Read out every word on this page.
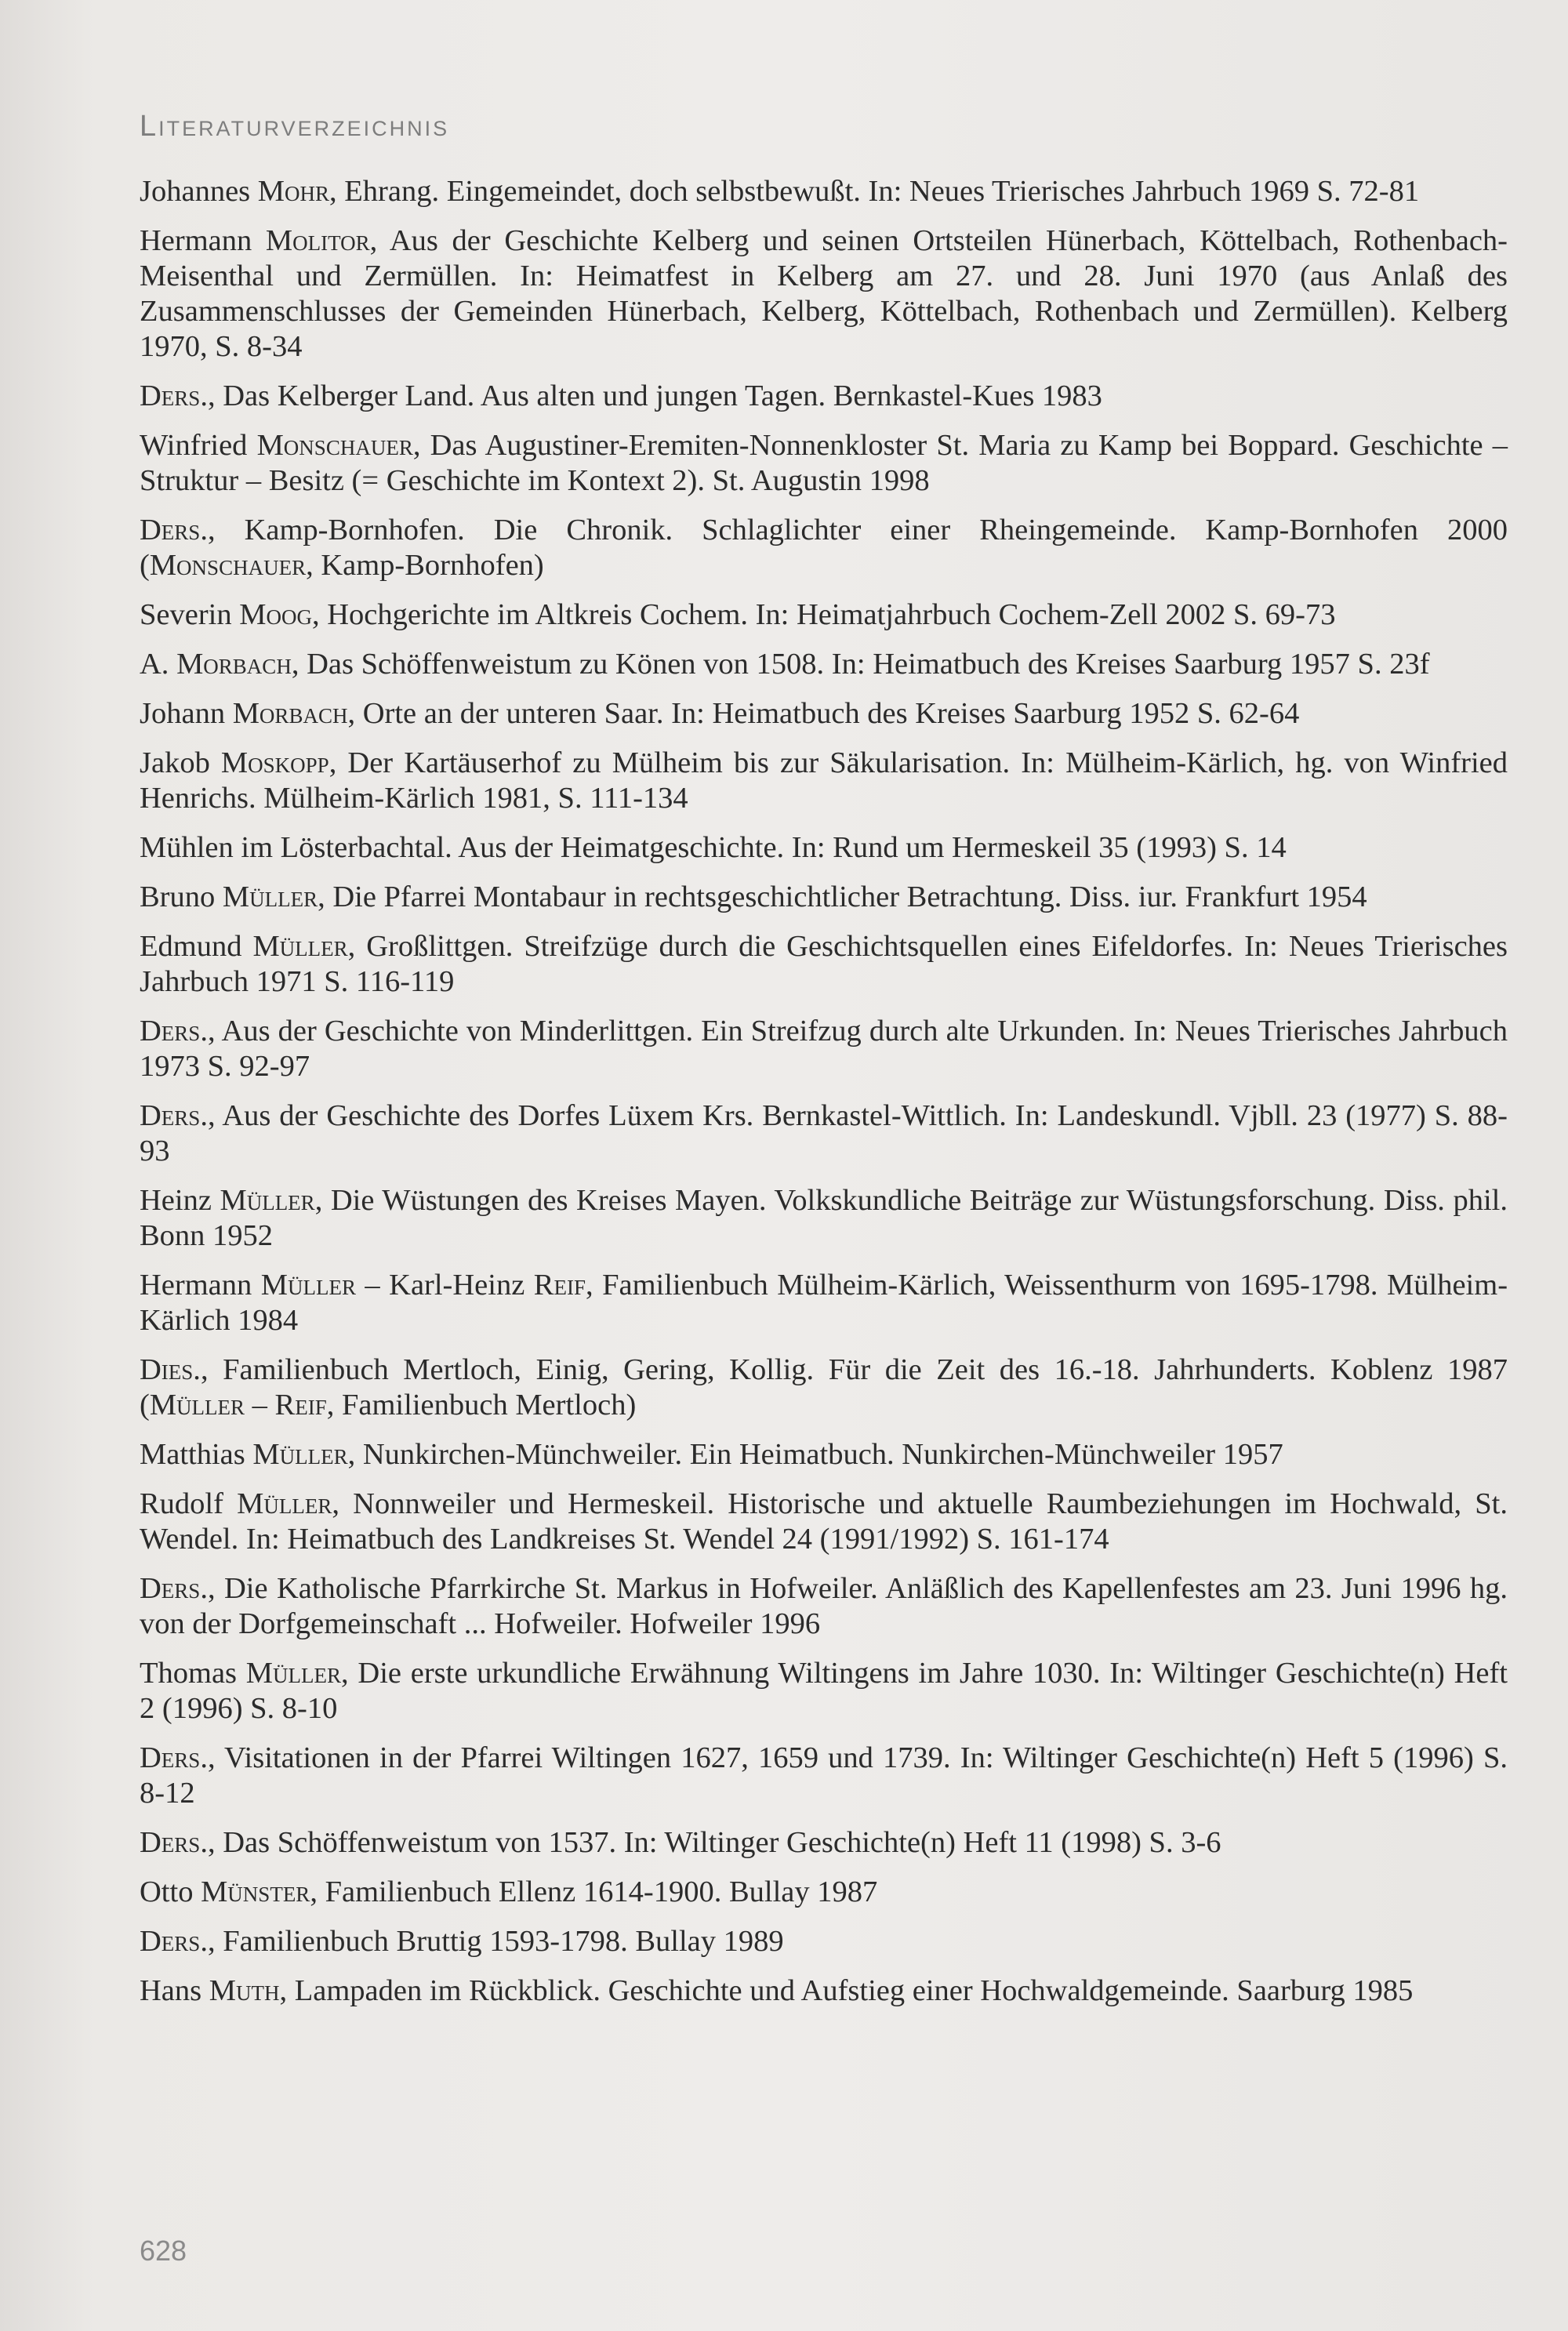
Literaturverzeichnis

Johannes Mohr, Ehrang. Eingemeindet, doch selbstbewußt. In: Neues Trierisches Jahrbuch 1969 S. 72-81

Hermann Molitor, Aus der Geschichte Kelberg und seinen Ortsteilen Hünerbach, Köttelbach, Rothenbach-Meisenthal und Zermüllen. In: Heimatfest in Kelberg am 27. und 28. Juni 1970 (aus Anlaß des Zusammenschlusses der Gemeinden Hünerbach, Kelberg, Köttelbach, Rothenbach und Zermüllen). Kelberg 1970, S. 8-34

Ders., Das Kelberger Land. Aus alten und jungen Tagen. Bernkastel-Kues 1983

Winfried Monschauer, Das Augustiner-Eremiten-Nonnenkloster St. Maria zu Kamp bei Boppard. Geschichte – Struktur – Besitz (= Geschichte im Kontext 2). St. Augustin 1998

Ders., Kamp-Bornhofen. Die Chronik. Schlaglichter einer Rheingemeinde. Kamp-Bornhofen 2000 (Monschauer, Kamp-Bornhofen)

Severin Moog, Hochgerichte im Altkreis Cochem. In: Heimatjahrbuch Cochem-Zell 2002 S. 69-73

A. Morbach, Das Schöffenweistum zu Könen von 1508. In: Heimatbuch des Kreises Saarburg 1957 S. 23f

Johann Morbach, Orte an der unteren Saar. In: Heimatbuch des Kreises Saarburg 1952 S. 62-64

Jakob Moskopp, Der Kartäuserhof zu Mülheim bis zur Säkularisation. In: Mülheim-Kärlich, hg. von Winfried Henrichs. Mülheim-Kärlich 1981, S. 111-134

Mühlen im Lösterbachtal. Aus der Heimatgeschichte. In: Rund um Hermeskeil 35 (1993) S. 14

Bruno Müller, Die Pfarrei Montabaur in rechtsgeschichtlicher Betrachtung. Diss. iur. Frankfurt 1954

Edmund Müller, Großlittgen. Streifzüge durch die Geschichtsquellen eines Eifeldorfes. In: Neues Trierisches Jahrbuch 1971 S. 116-119

Ders., Aus der Geschichte von Minderlittgen. Ein Streifzug durch alte Urkunden. In: Neues Trierisches Jahrbuch 1973 S. 92-97

Ders., Aus der Geschichte des Dorfes Lüxem Krs. Bernkastel-Wittlich. In: Landeskundl. Vjbll. 23 (1977) S. 88-93

Heinz Müller, Die Wüstungen des Kreises Mayen. Volkskundliche Beiträge zur Wüstungsforschung. Diss. phil. Bonn 1952

Hermann Müller – Karl-Heinz Reif, Familienbuch Mülheim-Kärlich, Weissenthurm von 1695-1798. Mülheim-Kärlich 1984

Dies., Familienbuch Mertloch, Einig, Gering, Kollig. Für die Zeit des 16.-18. Jahrhunderts. Koblenz 1987 (Müller – Reif, Familienbuch Mertloch)

Matthias Müller, Nunkirchen-Münchweiler. Ein Heimatbuch. Nunkirchen-Münchweiler 1957

Rudolf Müller, Nonnweiler und Hermeskeil. Historische und aktuelle Raumbeziehungen im Hochwald, St. Wendel. In: Heimatbuch des Landkreises St. Wendel 24 (1991/1992) S. 161-174

Ders., Die Katholische Pfarrkirche St. Markus in Hofweiler. Anläßlich des Kapellenfestes am 23. Juni 1996 hg. von der Dorfgemeinschaft ... Hofweiler. Hofweiler 1996

Thomas Müller, Die erste urkundliche Erwähnung Wiltingens im Jahre 1030. In: Wiltinger Geschichte(n) Heft 2 (1996) S. 8-10

Ders., Visitationen in der Pfarrei Wiltingen 1627, 1659 und 1739. In: Wiltinger Geschichte(n) Heft 5 (1996) S. 8-12

Ders., Das Schöffenweistum von 1537. In: Wiltinger Geschichte(n) Heft 11 (1998) S. 3-6

Otto Münster, Familienbuch Ellenz 1614-1900. Bullay 1987

Ders., Familienbuch Bruttig 1593-1798. Bullay 1989

Hans Muth, Lampaden im Rückblick. Geschichte und Aufstieg einer Hochwaldgemeinde. Saarburg 1985

628
